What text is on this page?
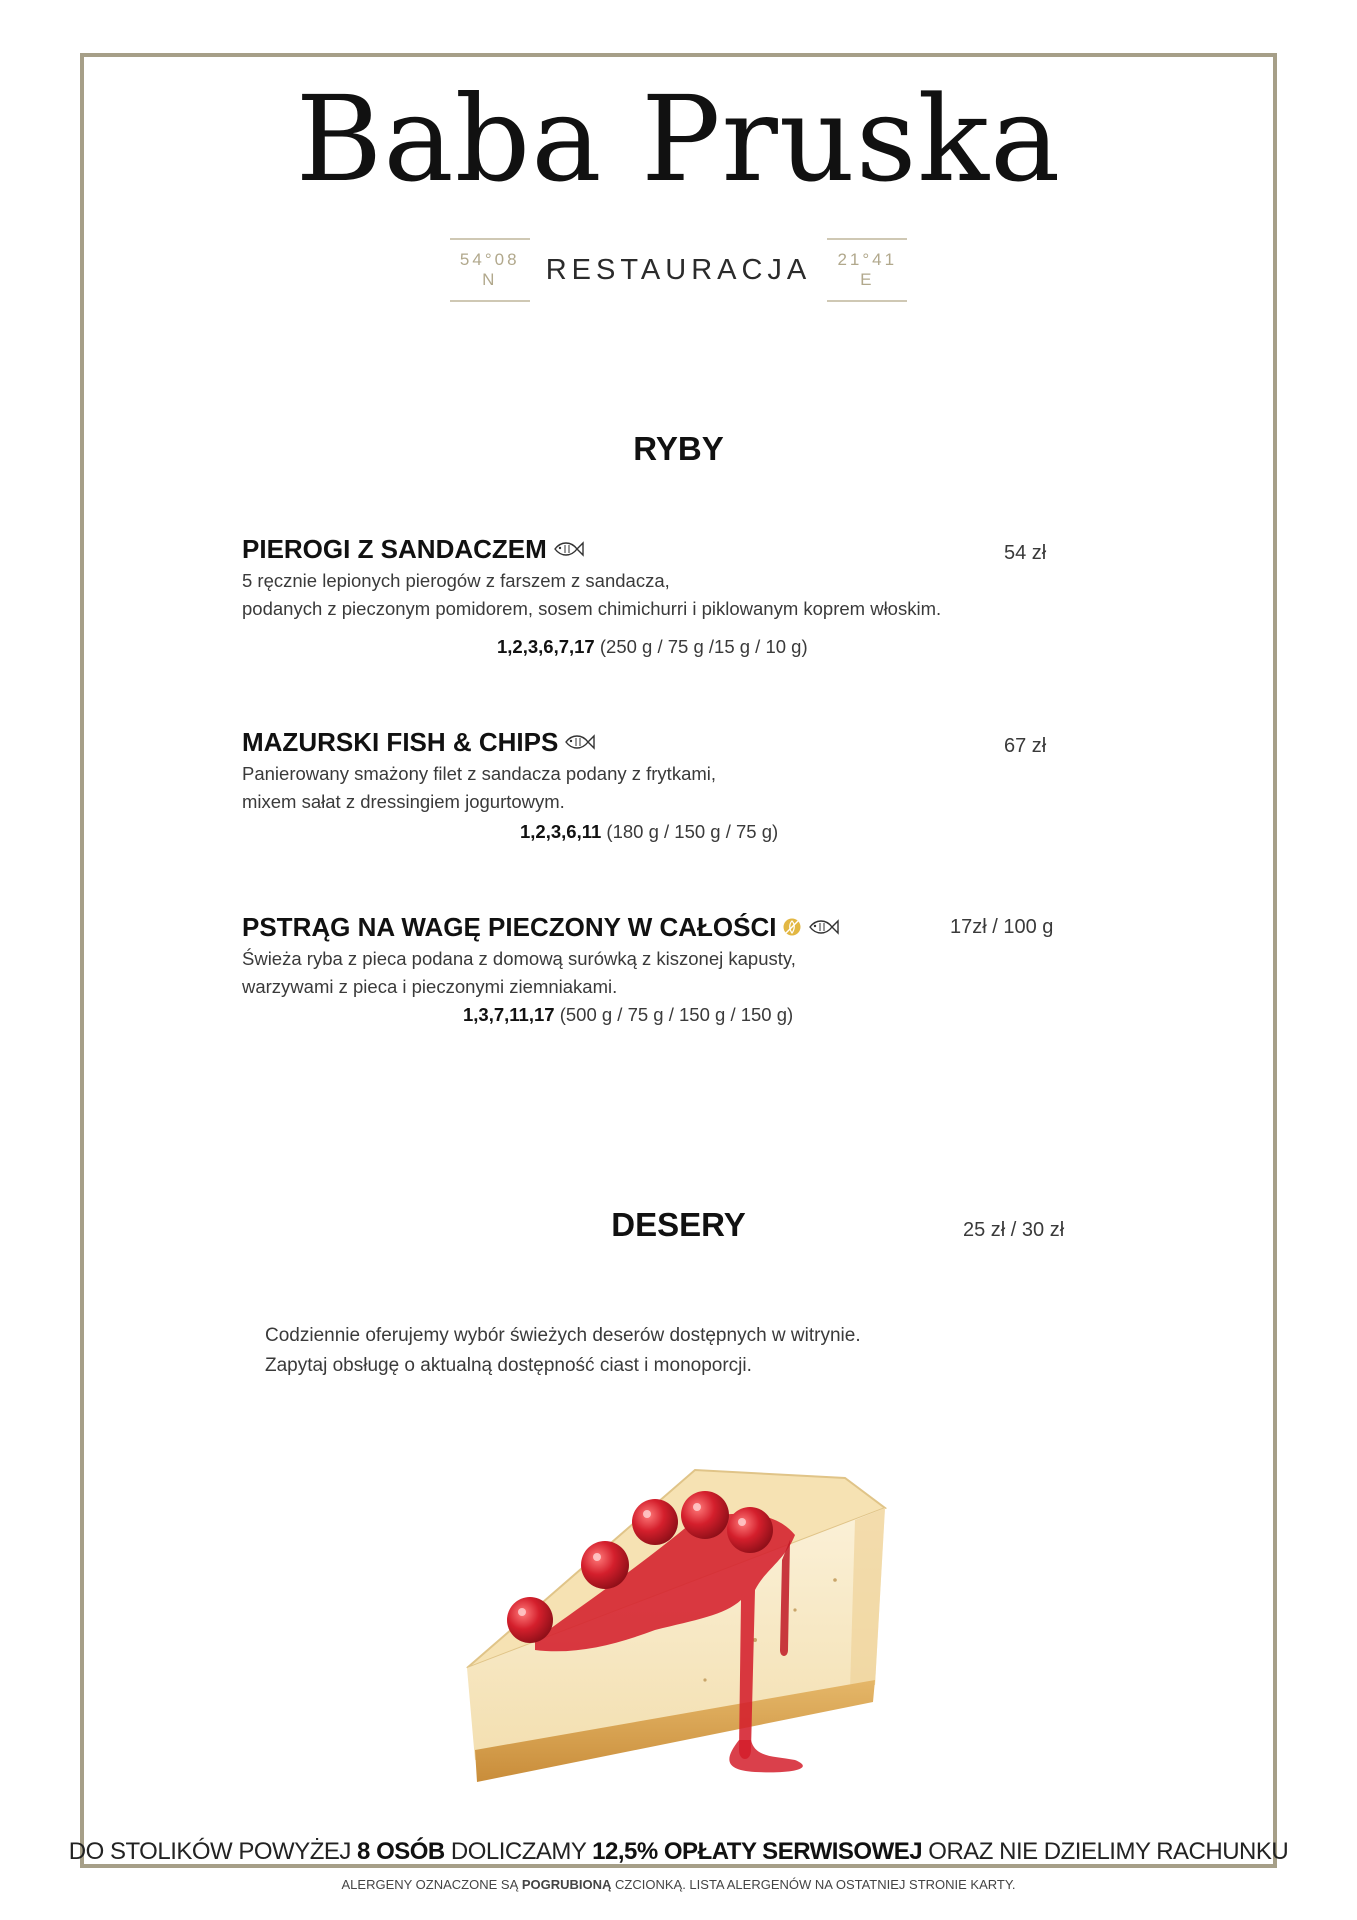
Baba Pruska
54°08 N	RESTAURACJA	21°41 E
RYBY
PIEROGI Z SANDACZEM
5 ręcznie lepionych pierogów z farszem z sandacza,
podanych z pieczonym pomidorem, sosem chimichurri i piklowanym koprem włoskim.
1,2,3,6,7,17 (250 g / 75 g /15 g / 10 g)
54 zł
MAZURSKI FISH & CHIPS
Panierowany smażony filet z sandacza podany z frytkami,
mixem sałat z dressingiem jogurtowym.
1,2,3,6,11 (180 g / 150 g / 75 g)
67 zł
PSTRĄG NA WAGĘ PIECZONY W CAŁOŚCI
Świeża ryba z pieca podana z domową surówką z kiszonej kapusty,
warzywami z pieca i pieczonymi ziemniakami.
1,3,7,11,17 (500 g / 75 g / 150 g / 150 g)
17zł / 100 g
DESERY	25 zł / 30 zł
Codziennie oferujemy wybór świeżych deserów dostępnych w witrynie.
Zapytaj obsługę o aktualną dostępność ciast i monoporcji.
DO STOLIKÓW POWYŻEJ 8 OSÓB DOLICZAMY 12,5% OPŁATY SERWISOWEJ ORAZ NIE DZIELIMY RACHUNKU
ALERGENY OZNACZONE SĄ POGRUBIONĄ CZCIONKĄ. LISTA ALERGENÓW NA OSTATNIEJ STRONIE KARTY.
